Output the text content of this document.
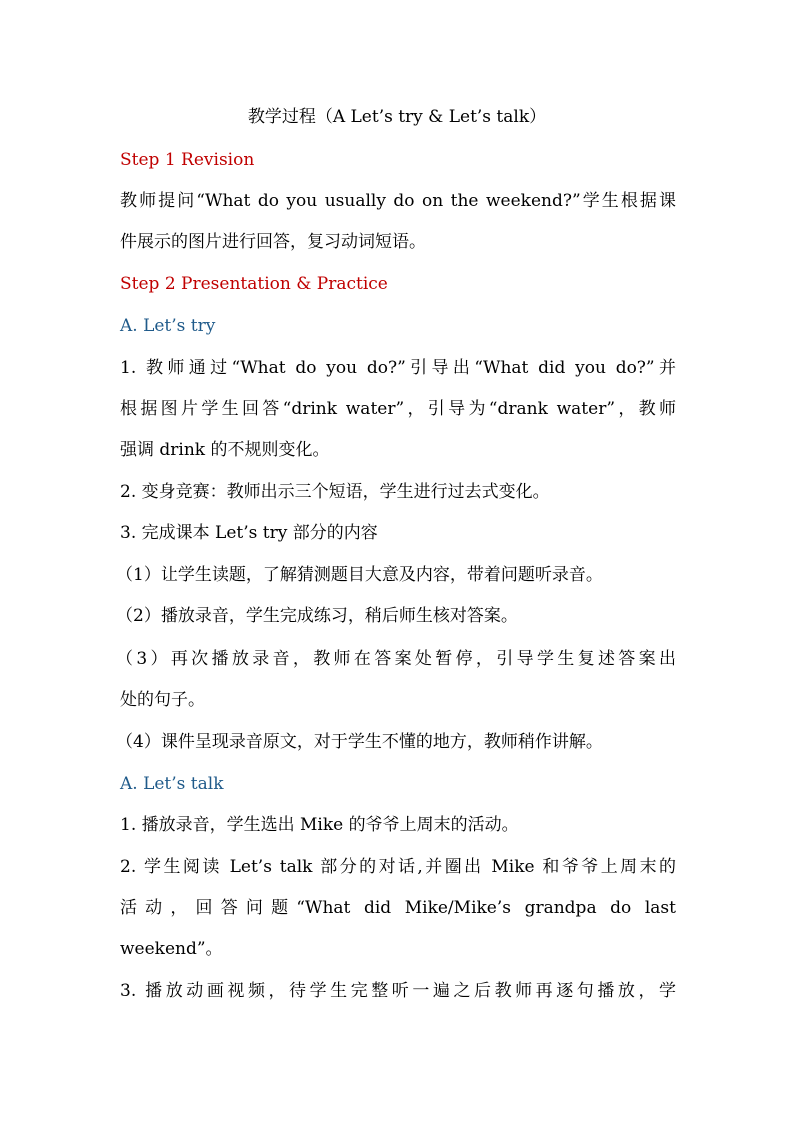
教学过程（A Let’s try & Let’s talk）
Step 1 Revision
教师提问“What do you usually do on the weekend?”学生根据课
件展示的图片进行回答，复习动词短语。
Step 2 Presentation & Practice
A. Let’s try
1. 教师通过“What do you do?”引导出“What did you do?”并
根据图片学生回答“drink water”，引导为“drank water”，教师
强调 drink 的不规则变化。
2. 变身竞赛：教师出示三个短语，学生进行过去式变化。
3. 完成课本 Let’s try 部分的内容
（1）让学生读题，了解猜测题目大意及内容，带着问题听录音。
（2）播放录音，学生完成练习，稍后师生核对答案。
（3）再次播放录音，教师在答案处暂停，引导学生复述答案出
处的句子。
（4）课件呈现录音原文，对于学生不懂的地方，教师稍作讲解。
A. Let’s talk
1. 播放录音，学生选出 Mike 的爷爷上周末的活动。
2. 学生阅读 Let’s talk 部分的对话,并圈出 Mike 和爷爷上周末的
活动，回答问题“What did Mike/Mike’s grandpa do last
weekend”。
3. 播放动画视频，待学生完整听一遍之后教师再逐句播放，学
